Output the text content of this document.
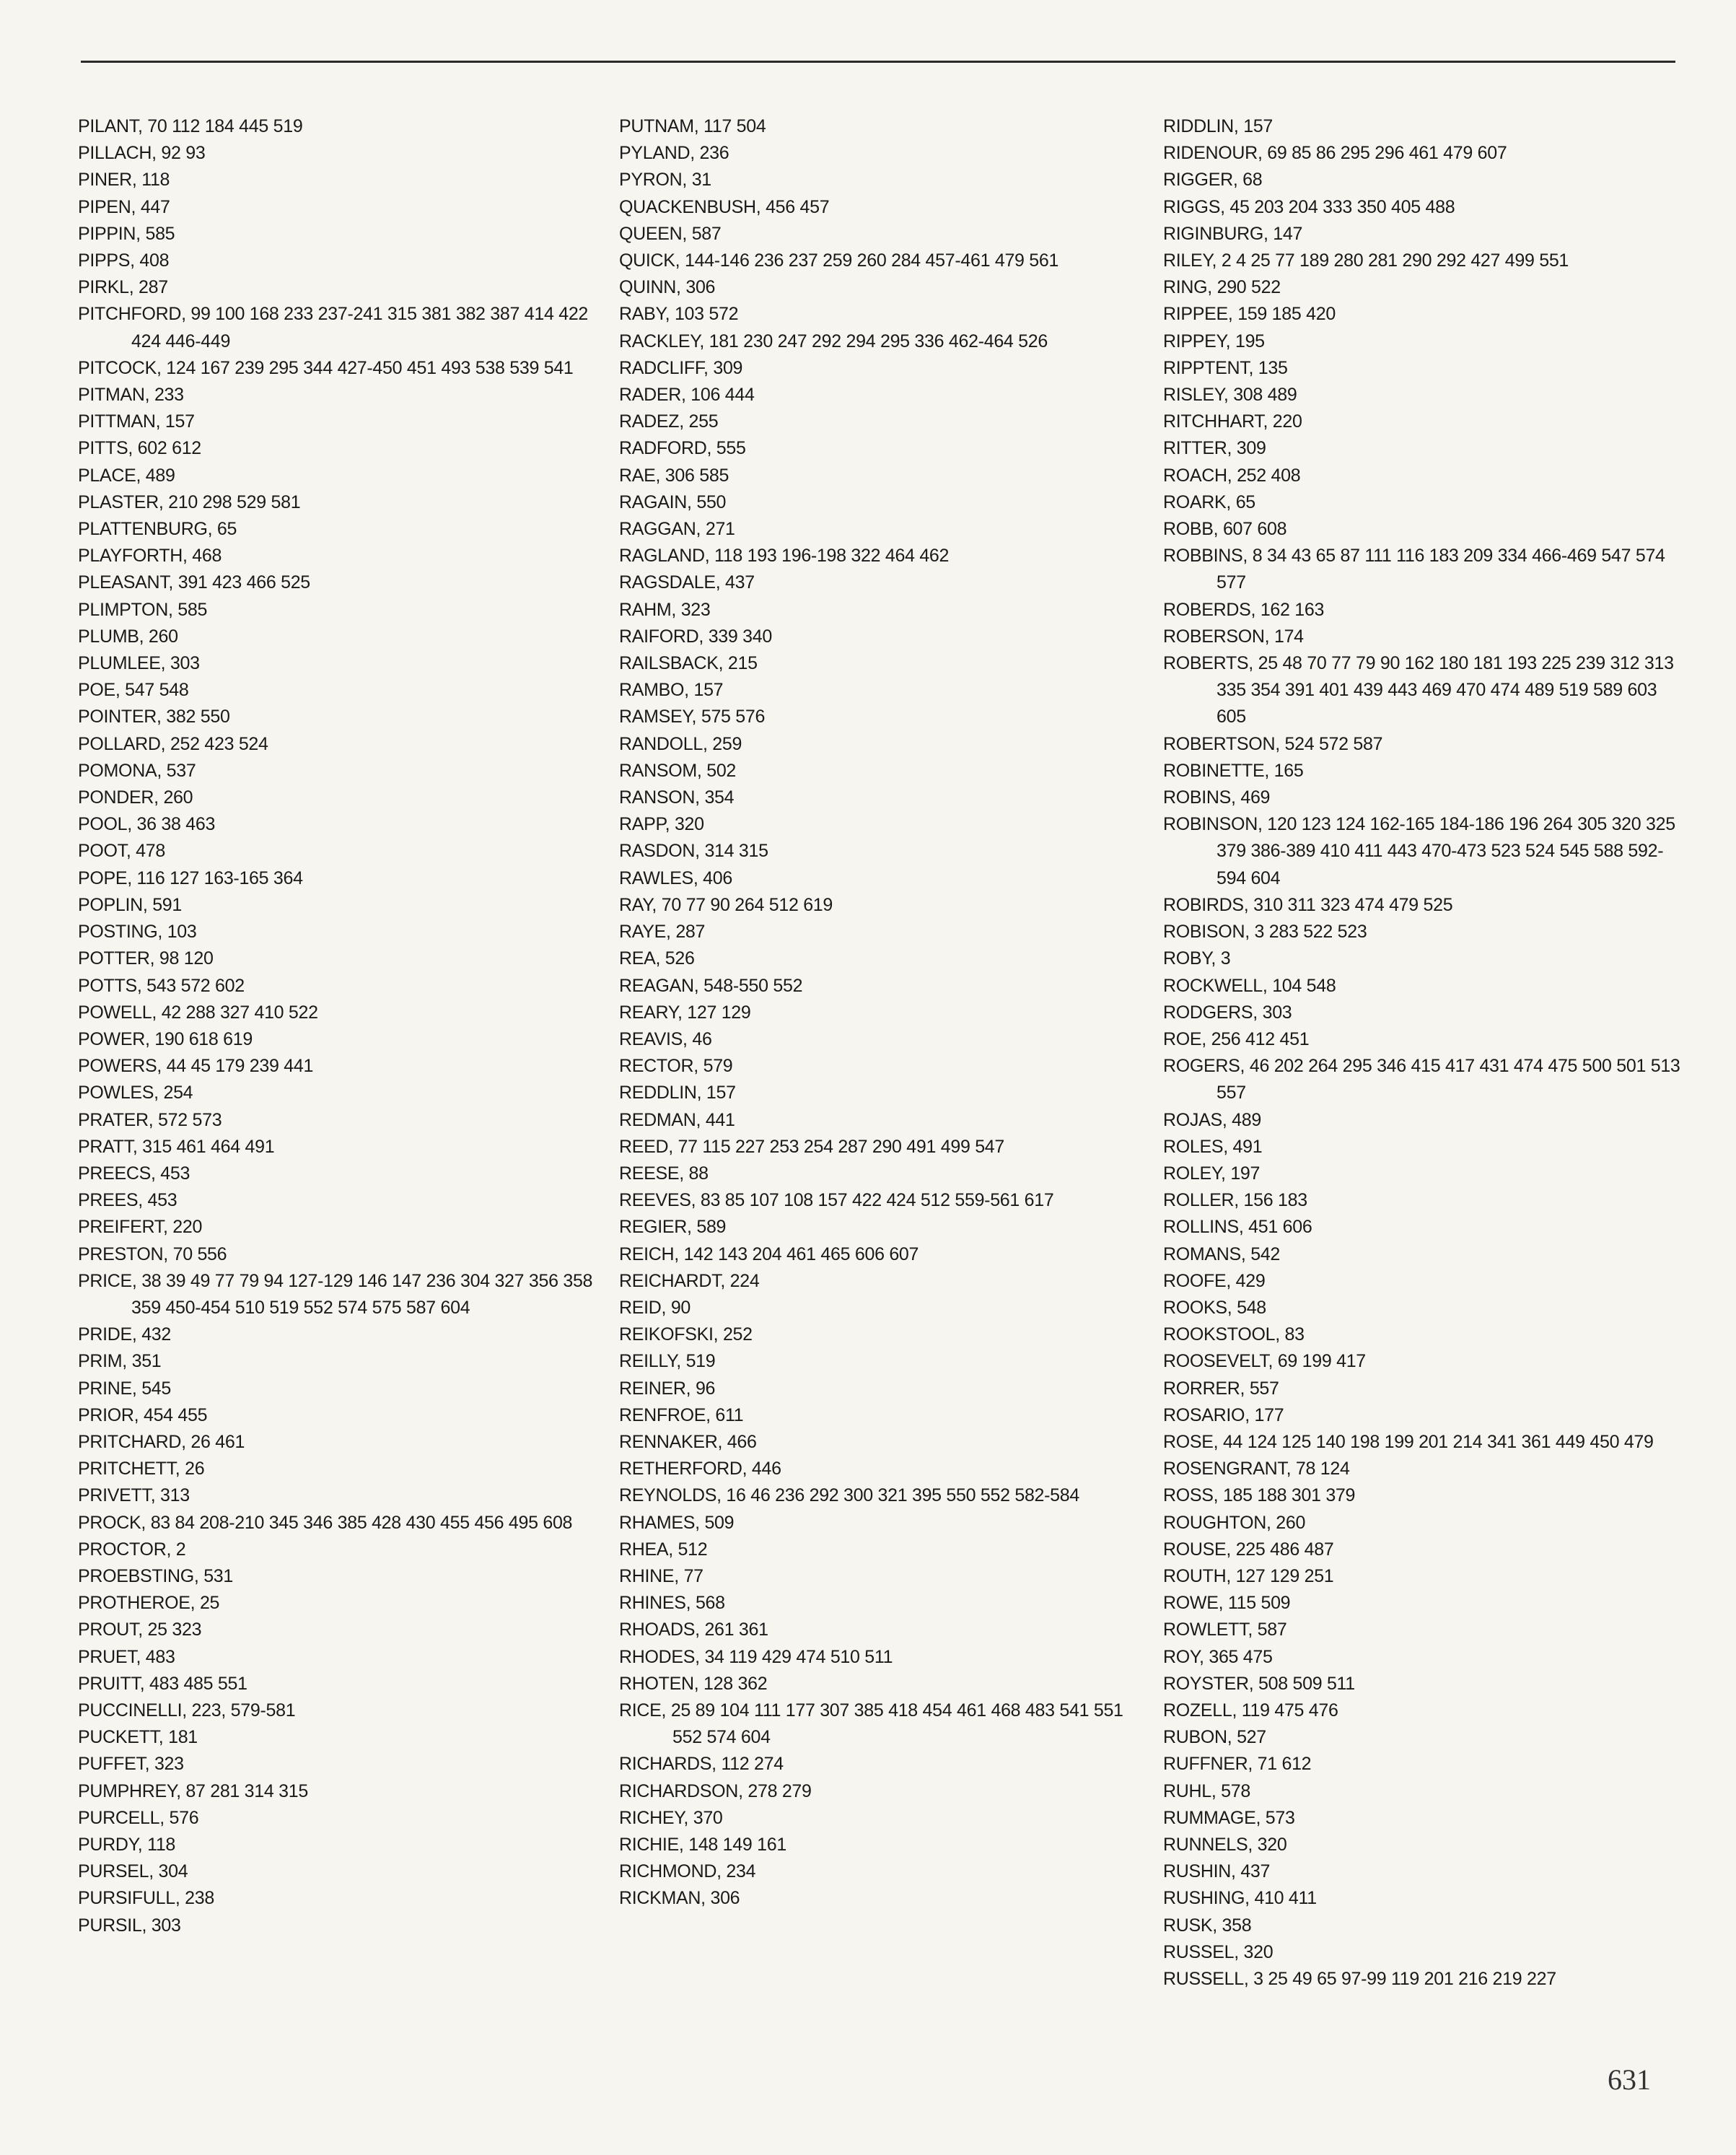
PILANT, 70 112 184 445 519
PILLACH, 92 93
PINER, 118
PIPEN, 447
PIPPIN, 585
PIPPS, 408
PIRKL, 287
PITCHFORD, 99 100 168 233 237-241 315 381 382 387 414 422 424 446-449
PITCOCK, 124 167 239 295 344 427-450 451 493 538 539 541
PITMAN, 233
PITTMAN, 157
PITTS, 602 612
PLACE, 489
PLASTER, 210 298 529 581
PLATTENBURG, 65
PLAYFORTH, 468
PLEASANT, 391 423 466 525
PLIMPTON, 585
PLUMB, 260
PLUMLEE, 303
POE, 547 548
POINTER, 382 550
POLLARD, 252 423 524
POMONA, 537
PONDER, 260
POOL, 36 38 463
POOT, 478
POPE, 116 127 163-165 364
POPLIN, 591
POSTING, 103
POTTER, 98 120
POTTS, 543 572 602
POWELL, 42 288 327 410 522
POWER, 190 618 619
POWERS, 44 45 179 239 441
POWLES, 254
PRATER, 572 573
PRATT, 315 461 464 491
PREECS, 453
PREES, 453
PREIFERT, 220
PRESTON, 70 556
PRICE, 38 39 49 77 79 94 127-129 146 147 236 304 327 356 358 359 450-454 510 519 552 574 575 587 604
PRIDE, 432
PRIM, 351
PRINE, 545
PRIOR, 454 455
PRITCHARD, 26 461
PRITCHETT, 26
PRIVETT, 313
PROCK, 83 84 208-210 345 346 385 428 430 455 456 495 608
PROCTOR, 2
PROEBSTING, 531
PROTHEROE, 25
PROUT, 25 323
PRUET, 483
PRUITT, 483 485 551
PUCCINELLI, 223, 579-581
PUCKETT, 181
PUFFET, 323
PUMPHREY, 87 281 314 315
PURCELL, 576
PURDY, 118
PURSEL, 304
PURSIFULL, 238
PURSIL, 303
PUTNAM, 117 504
PYLAND, 236
PYRON, 31
QUACKENBUSH, 456 457
QUEEN, 587
QUICK, 144-146 236 237 259 260 284 457-461 479 561
QUINN, 306
RABY, 103 572
RACKLEY, 181 230 247 292 294 295 336 462-464 526
RADCLIFF, 309
RADER, 106 444
RADEZ, 255
RADFORD, 555
RAE, 306 585
RAGAIN, 550
RAGGAN, 271
RAGLAND, 118 193 196-198 322 464 462
RAGSDALE, 437
RAHM, 323
RAIFORD, 339 340
RAILSBACK, 215
RAMBO, 157
RAMSEY, 575 576
RANDOLL, 259
RANSOM, 502
RANSON, 354
RAPP, 320
RASDON, 314 315
RAWLES, 406
RAY, 70 77 90 264 512 619
RAYE, 287
REA, 526
REAGAN, 548-550 552
REARY, 127 129
REAVIS, 46
RECTOR, 579
REDDLIN, 157
REDMAN, 441
REED, 77 115 227 253 254 287 290 491 499 547
REESE, 88
REEVES, 83 85 107 108 157 422 424 512 559-561 617
REGIER, 589
REICH, 142 143 204 461 465 606 607
REICHARDT, 224
REID, 90
REIKOFSKI, 252
REILLY, 519
REINER, 96
RENFROE, 611
RENNAKER, 466
RETHERFORD, 446
REYNOLDS, 16 46 236 292 300 321 395 550 552 582-584
RHAMES, 509
RHEA, 512
RHINE, 77
RHINES, 568
RHOADS, 261 361
RHODES, 34 119 429 474 510 511
RHOTEN, 128 362
RICE, 25 89 104 111 177 307 385 418 454 461 468 483 541 551 552 574 604
RICHARDS, 112 274
RICHARDSON, 278 279
RICHEY, 370
RICHIE, 148 149 161
RICHMOND, 234
RICKMAN, 306
RIDDLIN, 157
RIDENOUR, 69 85 86 295 296 461 479 607
RIGGER, 68
RIGGS, 45 203 204 333 350 405 488
RIGINBURG, 147
RILEY, 2 4 25 77 189 280 281 290 292 427 499 551
RING, 290 522
RIPPEE, 159 185 420
RIPPEY, 195
RIPPTENT, 135
RISLEY, 308 489
RITCHHART, 220
RITTER, 309
ROACH, 252 408
ROARK, 65
ROBB, 607 608
ROBBINS, 8 34 43 65 87 111 116 183 209 334 466-469 547 574 577
ROBERDS, 162 163
ROBERSON, 174
ROBERTS, 25 48 70 77 79 90 162 180 181 193 225 239 312 313 335 354 391 401 439 443 469 470 474 489 519 589 603 605
ROBERTSON, 524 572 587
ROBINETTE, 165
ROBINS, 469
ROBINSON, 120 123 124 162-165 184-186 196 264 305 320 325 379 386-389 410 411 443 470-473 523 524 545 588 592-594 604
ROBIRDS, 310 311 323 474 479 525
ROBISON, 3 283 522 523
ROBY, 3
ROCKWELL, 104 548
RODGERS, 303
ROE, 256 412 451
ROGERS, 46 202 264 295 346 415 417 431 474 475 500 501 513 557
ROJAS, 489
ROLES, 491
ROLEY, 197
ROLLER, 156 183
ROLLINS, 451 606
ROMANS, 542
ROOFE, 429
ROOKS, 548
ROOKSTOOL, 83
ROOSEVELT, 69 199 417
RORRER, 557
ROSARIO, 177
ROSE, 44 124 125 140 198 199 201 214 341 361 449 450 479
ROSENGRANT, 78 124
ROSS, 185 188 301 379
ROUGHTON, 260
ROUSE, 225 486 487
ROUTH, 127 129 251
ROWE, 115 509
ROWLETT, 587
ROY, 365 475
ROYSTER, 508 509 511
ROZELL, 119 475 476
RUBON, 527
RUFFNER, 71 612
RUHL, 578
RUMMAGE, 573
RUNNELS, 320
RUSHIN, 437
RUSHING, 410 411
RUSK, 358
RUSSEL, 320
RUSSELL, 3 25 49 65 97-99 119 201 216 219 227
631
